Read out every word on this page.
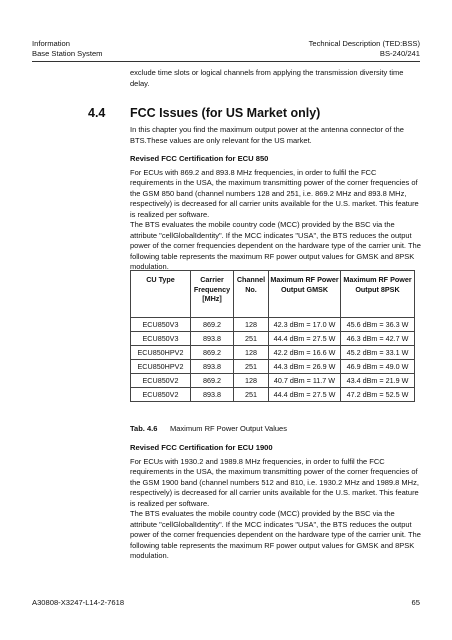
Information
Base Station System
Technical Description (TED:BSS)
BS-240/241

exclude time slots or logical channels from applying the transmission diversity time delay.

4.4 FCC Issues (for US Market only)

In this chapter you find the maximum output power at the antenna connector of the BTS.These values are only relevant for the US market.

Revised FCC Certification for ECU 850

For ECUs with 869.2 and 893.8 MHz frequencies, in order to fulfil the FCC requirements in the USA, the maximum transmitting power of the corner frequencies of the GSM 850 band (channel numbers 128 and 251, i.e. 869.2 MHz and 893.8 MHz, respectively) is decreased for all carrier units available for the U.S. market. This feature is realized per software.

The BTS evaluates the mobile country code (MCC) provided by the BSC via the attribute "cellGlobalIdentity". If the MCC indicates "USA", the BTS reduces the output power of the corner frequencies dependent on the hardware type of the carrier unit. The following table represents the maximum RF power output values for GMSK and 8PSK modulation.

CU Type	Carrier Frequency [MHz]	Channel No.	Maximum RF Power Output GMSK	Maximum RF Power Output 8PSK
ECU850V3	869.2	128	42.3 dBm = 17.0 W	45.6 dBm = 36.3 W
ECU850V3	893.8	251	44.4 dBm = 27.5 W	46.3 dBm = 42.7 W
ECU850HPV2	869.2	128	42.2 dBm = 16.6 W	45.2 dBm = 33.1 W
ECU850HPV2	893.8	251	44.3 dBm = 26.9 W	46.9 dBm = 49.0 W
ECU850V2	869.2	128	40.7 dBm = 11.7 W	43.4 dBm = 21.9 W
ECU850V2	893.8	251	44.4 dBm = 27.5 W	47.2 dBm = 52.5 W
Tab. 4.6 Maximum RF Power Output Values

Revised FCC Certification for ECU 1900

For ECUs with 1930.2 and 1989.8 MHz frequencies, in order to fulfil the FCC requirements in the USA, the maximum transmitting power of the corner frequencies of the GSM 1900 band (channel numbers 512 and 810, i.e. 1930.2 MHz and 1989.8 MHz, respectively) is decreased for all carrier units available for the U.S. market. This feature is realized per software.

The BTS evaluates the mobile country code (MCC) provided by the BSC via the attribute "cellGlobalIdentity". If the MCC indicates "USA", the BTS reduces the output power of the corner frequencies dependent on the hardware type of the carrier unit. The following table represents the maximum RF power output values for GMSK and 8PSK modulation.

A30808-X3247-L14-2-7618	65
